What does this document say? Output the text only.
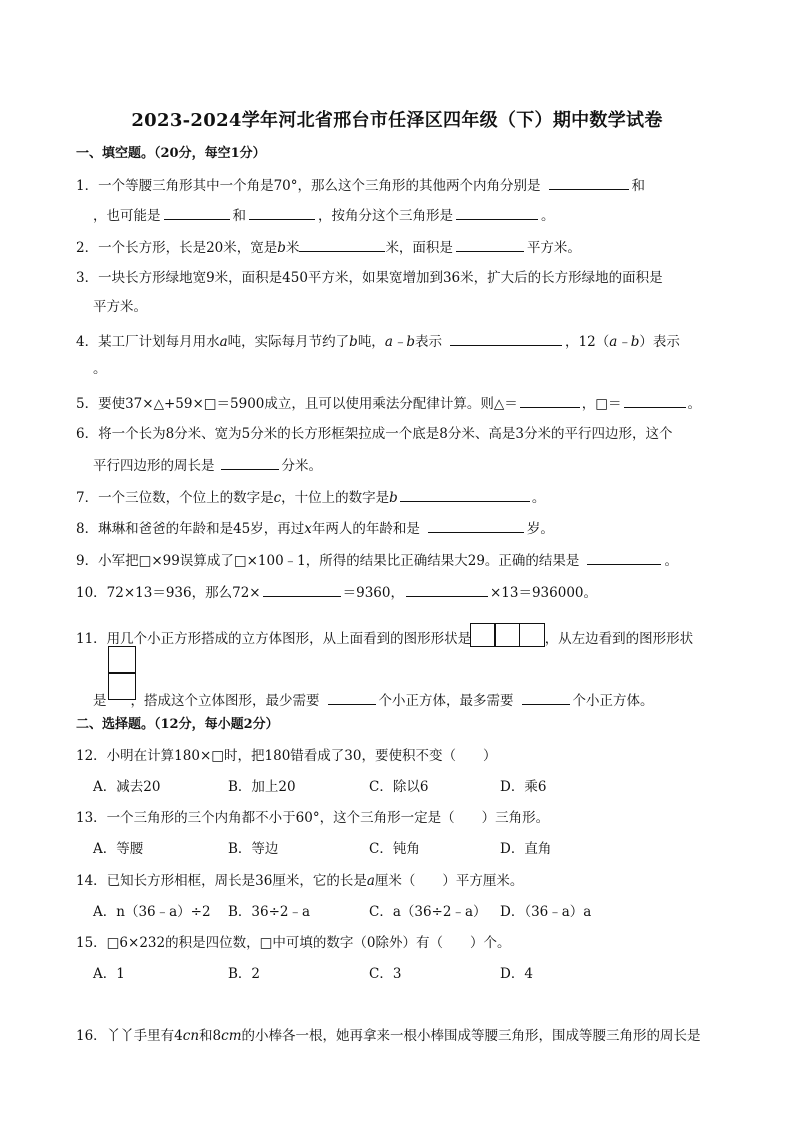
2023-2024学年河北省邢台市任泽区四年级（下）期中数学试卷
一、填空题。（20分，每空1分）
1．一个等腰三角形其中一个角是70°，那么这个三角形的其他两个内角分别是	和
，也可能是	和	，按角分这个三角形是	。
2．一个长方形，长是20米，宽是b米	米，面积是	平方米。
3．一块长方形绿地宽9米，面积是450平方米，如果宽增加到36米，扩大后的长方形绿地的面积是
平方米。
4．某工厂计划每月用水a吨，实际每月节约了b吨，a﹣b表示	，12（a﹣b）表示
。
5．要使37×△+59×□＝5900成立，且可以使用乘法分配律计算。则△＝	，□＝	。
6．将一个长为8分米、宽为5分米的长方形框架拉成一个底是8分米、高是3分米的平行四边形，这个
平行四边形的周长是	分米。
7．一个三位数，个位上的数字是c，十位上的数字是b	。
8．琳琳和爸爸的年龄和是45岁，再过x年两人的年龄和是	岁。
9．小军把□×99误算成了□×100﹣1，所得的结果比正确结果大29。正确的结果是	。
10．72×13＝936，那么72×	＝9360，	×13＝936000。
11．用几个小正方形搭成的立方体图形，从上面看到的图形形状是	，从左边看到的图形形状
是 ，搭成这个立体图形，最少需要	个小正方体，最多需要	个小正方体。
二、选择题。（12分，每小题2分）
12．小明在计算180×□时，把180错看成了30，要使积不变（　　）
A．减去20	B．加上20	C．除以6	D．乘6
13．一个三角形的三个内角都不小于60°，这个三角形一定是（　　）三角形。
A．等腰	B．等边	C．钝角	D．直角
14．已知长方形相框，周长是36厘米，它的长是a厘米（　　）平方厘米。
A．n（36﹣a）÷2 B．36÷2﹣a	C．a（36÷2﹣a） D．（36﹣a）a
15．□6×232的积是四位数，□中可填的数字（0除外）有（　　）个。
A．1	B．2	C．3	D．4
16．丫丫手里有4cn和8cm的小棒各一根，她再拿来一根小棒围成等腰三角形，围成等腰三角形的周长是
